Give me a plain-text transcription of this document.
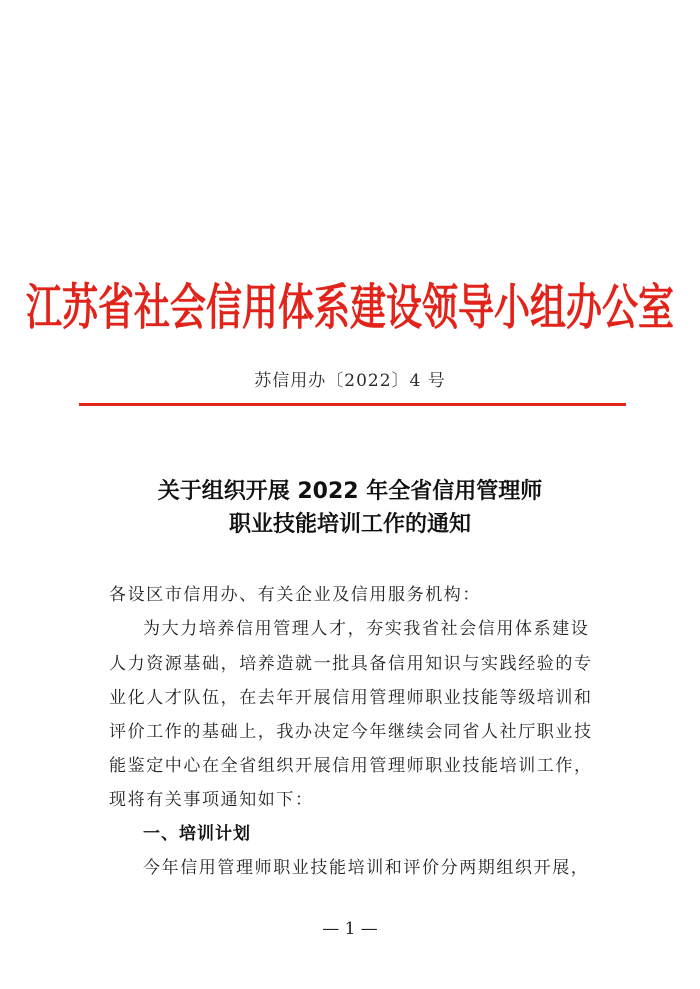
江苏省社会信用体系建设领导小组办公室
苏信用办〔2022〕4 号
关于组织开展 2022 年全省信用管理师
职业技能培训工作的通知
各设区市信用办、有关企业及信用服务机构：
为大力培养信用管理人才，夯实我省社会信用体系建设
人力资源基础，培养造就一批具备信用知识与实践经验的专
业化人才队伍，在去年开展信用管理师职业技能等级培训和
评价工作的基础上，我办决定今年继续会同省人社厅职业技
能鉴定中心在全省组织开展信用管理师职业技能培训工作，
现将有关事项通知如下：
一、培训计划
今年信用管理师职业技能培训和评价分两期组织开展，
— 1 —
